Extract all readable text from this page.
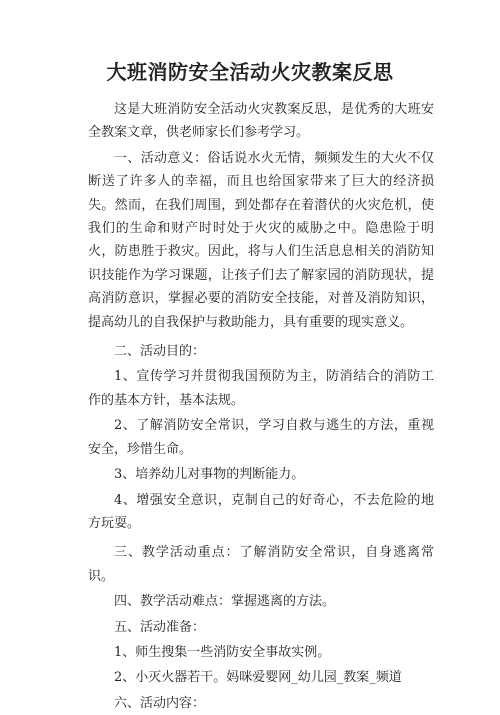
大班消防安全活动火灾教案反思

这是大班消防安全活动火灾教案反思，是优秀的大班安全教案文章，供老师家长们参考学习。

一、活动意义：俗话说水火无情，频频发生的大火不仅断送了许多人的幸福，而且也给国家带来了巨大的经济损失。然而，在我们周围，到处都存在着潜伏的火灾危机，使我们的生命和财产时时处于火灾的威胁之中。隐患险于明火，防患胜于救灾。因此，将与人们生活息息相关的消防知识技能作为学习课题，让孩子们去了解家园的消防现状，提高消防意识，掌握必要的消防安全技能，对普及消防知识，提高幼儿的自我保护与救助能力，具有重要的现实意义。

二、活动目的：

1、宣传学习并贯彻我国预防为主，防消结合的消防工作的基本方针，基本法规。

2、了解消防安全常识，学习自救与逃生的方法，重视安全，珍惜生命。

3、培养幼儿对事物的判断能力。

4、增强安全意识，克制自己的好奇心，不去危险的地方玩耍。

三、教学活动重点：了解消防安全常识，自身逃离常识。

四、教学活动难点：掌握逃离的方法。

五、活动准备：

1、师生搜集一些消防安全事故实例。

2、小灭火器若干。妈咪爱婴网_幼儿园_教案_频道

六、活动内容：
